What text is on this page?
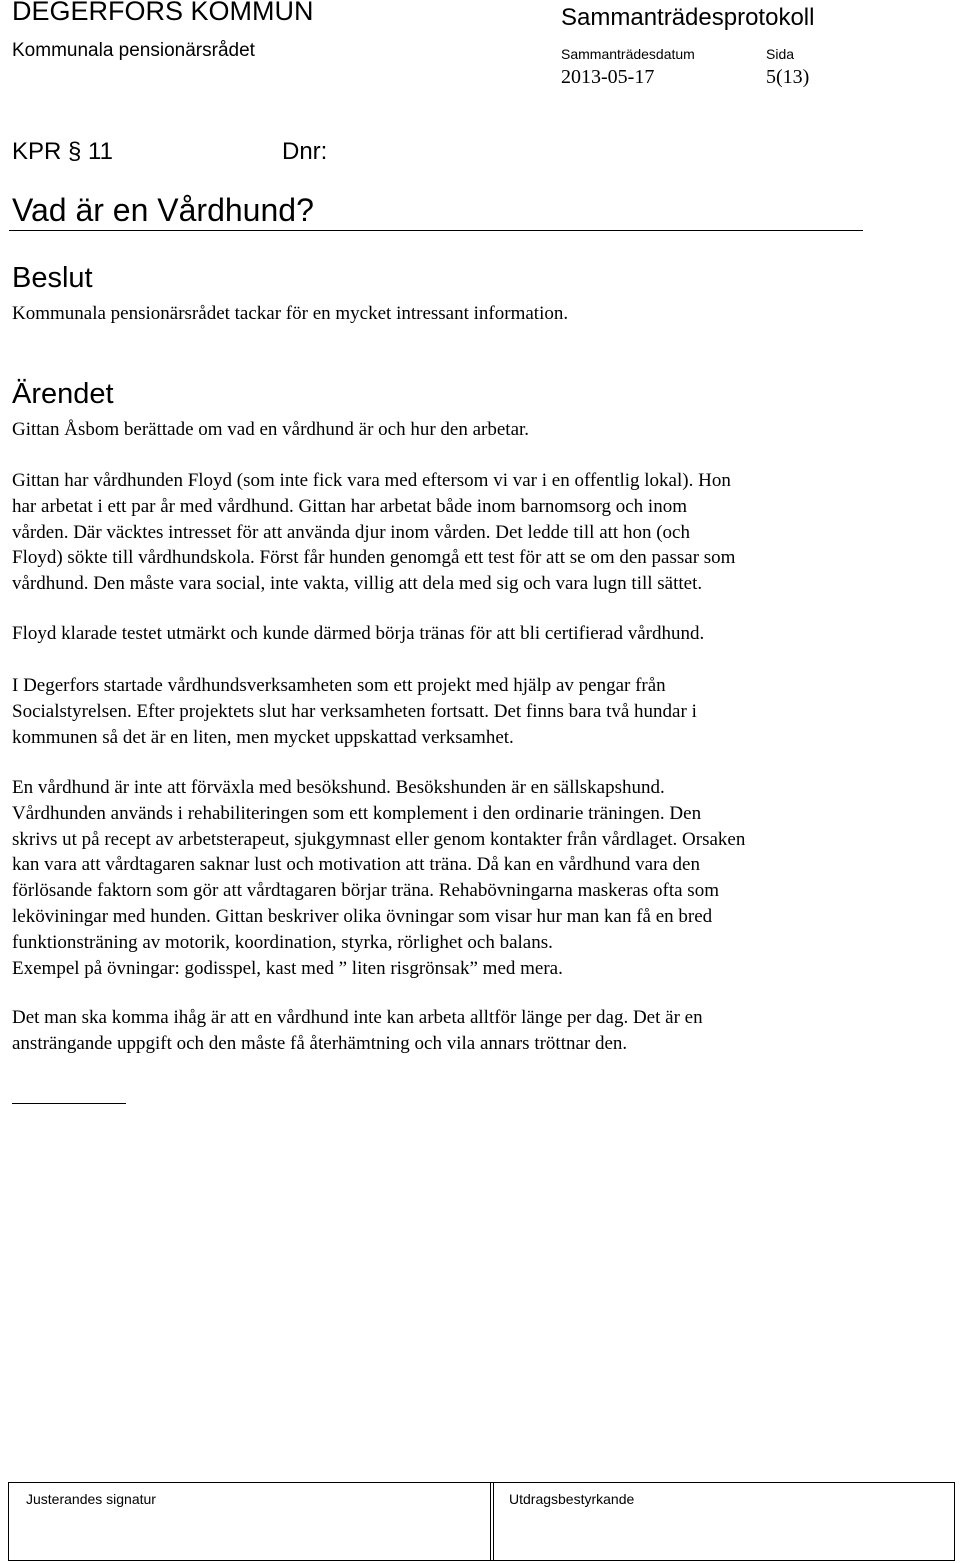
DEGERFORS KOMMUN
Kommunala pensionärsrådet
Sammanträdesprotokoll
Sammanträdesdatum	Sida
2013-05-17	5(13)
KPR § 11	Dnr:
Vad är en Vårdhund?
Beslut
Kommunala pensionärsrådet tackar för en mycket intressant information.
Ärendet
Gittan Åsbom berättade om vad en vårdhund är och hur den arbetar.
Gittan har vårdhunden Floyd (som inte fick vara med eftersom vi var i en offentlig lokal). Hon
har arbetat i ett par år med vårdhund. Gittan har arbetat både inom barnomsorg och inom
vården. Där väcktes intresset för att använda djur inom vården. Det ledde till att hon (och
Floyd) sökte till vårdhundskola. Först får hunden genomgå ett test för att se om den passar som
vårdhund. Den måste vara social, inte vakta, villig att dela med sig och vara lugn till sättet.
Floyd klarade testet utmärkt och kunde därmed börja tränas för att bli certifierad vårdhund.
I Degerfors startade vårdhundsverksamheten som ett projekt med hjälp av pengar från
Socialstyrelsen. Efter projektets slut har verksamheten fortsatt. Det finns bara två hundar i
kommunen så det är en liten, men mycket uppskattad verksamhet.
En vårdhund är inte att förväxla med besökshund. Besökshunden är en sällskapshund.
Vårdhunden används i rehabiliteringen som ett komplement i den ordinarie träningen. Den
skrivs ut på recept av arbetsterapeut, sjukgymnast eller genom kontakter från vårdlaget. Orsaken
kan vara att vårdtagaren saknar lust och motivation att träna. Då kan en vårdhund vara den
förlösande faktorn som gör att vårdtagaren börjar träna. Rehabövningarna maskeras ofta som
leköviningar med hunden. Gittan beskriver olika övningar som visar hur man kan få en bred
funktionsträning av motorik, koordination, styrka, rörlighet och balans.
Exempel på övningar: godisspel, kast med ” liten risgrönsak” med mera.
Det man ska komma ihåg är att en vårdhund inte kan arbeta alltför länge per dag. Det är en
ansträngande uppgift och den måste få återhämtning och vila annars tröttnar den.
Justerandes signatur	Utdragsbestyrkande
